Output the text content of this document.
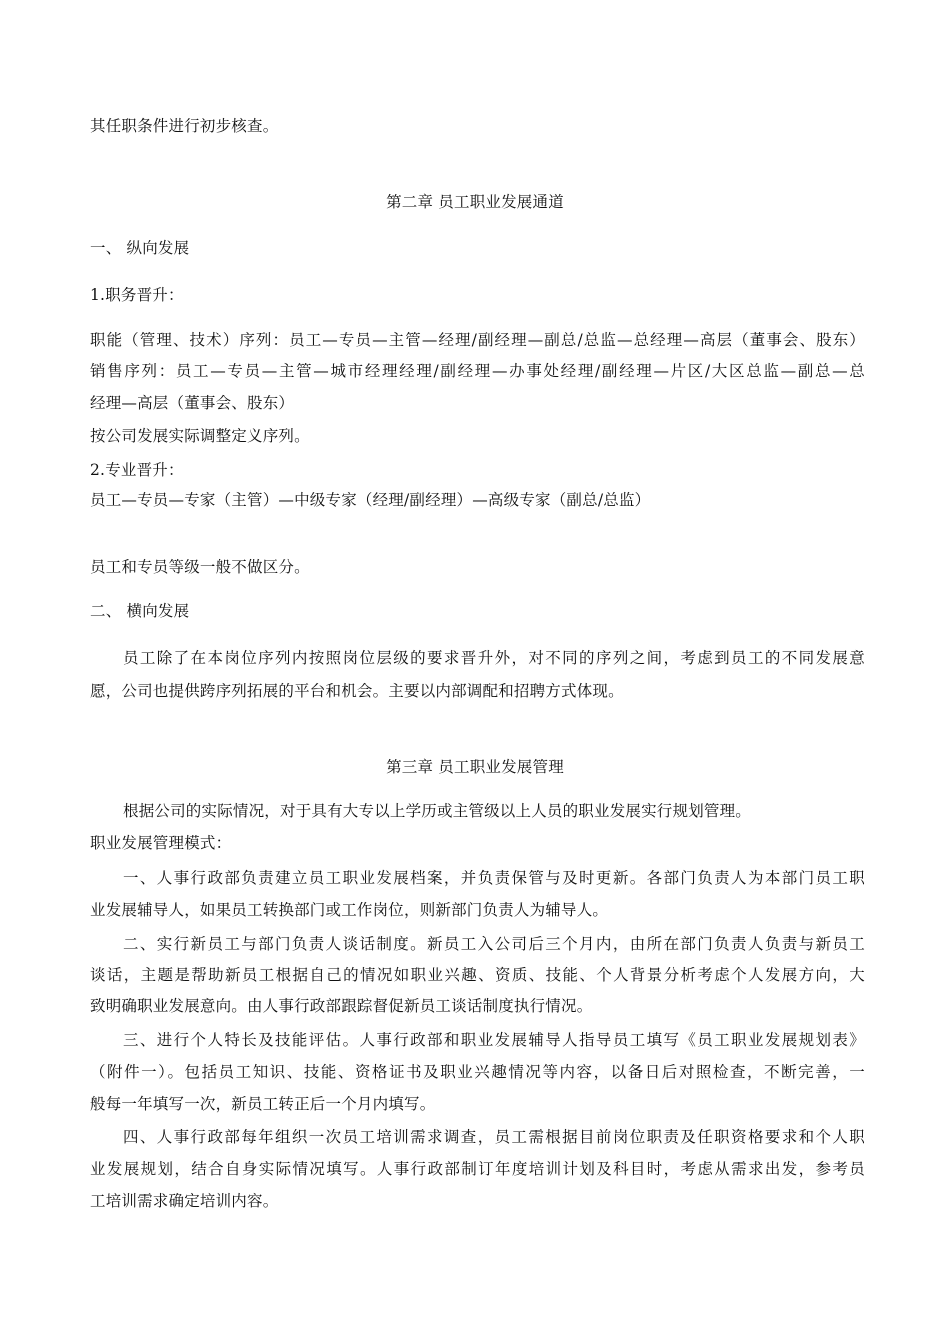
其任职条件进行初步核查。
第二章 员工职业发展通道
一、 纵向发展
1.职务晋升：
职能（管理、技术）序列：员工—专员—主管—经理/副经理—副总/总监—总经理—高层（董事会、股东）
销售序列：员工—专员—主管—城市经理经理/副经理—办事处经理/副经理—片区/大区总监—副总—总
经理—高层（董事会、股东）
按公司发展实际调整定义序列。
2.专业晋升：
员工—专员—专家（主管）—中级专家（经理/副经理）—高级专家（副总/总监）
员工和专员等级一般不做区分。
二、 横向发展
员工除了在本岗位序列内按照岗位层级的要求晋升外，对不同的序列之间，考虑到员工的不同发展意
愿，公司也提供跨序列拓展的平台和机会。主要以内部调配和招聘方式体现。
第三章 员工职业发展管理
根据公司的实际情况，对于具有大专以上学历或主管级以上人员的职业发展实行规划管理。
职业发展管理模式：
一、人事行政部负责建立员工职业发展档案，并负责保管与及时更新。各部门负责人为本部门员工职
业发展辅导人，如果员工转换部门或工作岗位，则新部门负责人为辅导人。
二、实行新员工与部门负责人谈话制度。新员工入公司后三个月内，由所在部门负责人负责与新员工
谈话，主题是帮助新员工根据自己的情况如职业兴趣、资质、技能、个人背景分析考虑个人发展方向，大
致明确职业发展意向。由人事行政部跟踪督促新员工谈话制度执行情况。
三、进行个人特长及技能评估。人事行政部和职业发展辅导人指导员工填写《员工职业发展规划表》
（附件一）。包括员工知识、技能、资格证书及职业兴趣情况等内容，以备日后对照检查，不断完善，一
般每一年填写一次，新员工转正后一个月内填写。
四、人事行政部每年组织一次员工培训需求调查，员工需根据目前岗位职责及任职资格要求和个人职
业发展规划，结合自身实际情况填写。人事行政部制订年度培训计划及科目时，考虑从需求出发，参考员
工培训需求确定培训内容。
